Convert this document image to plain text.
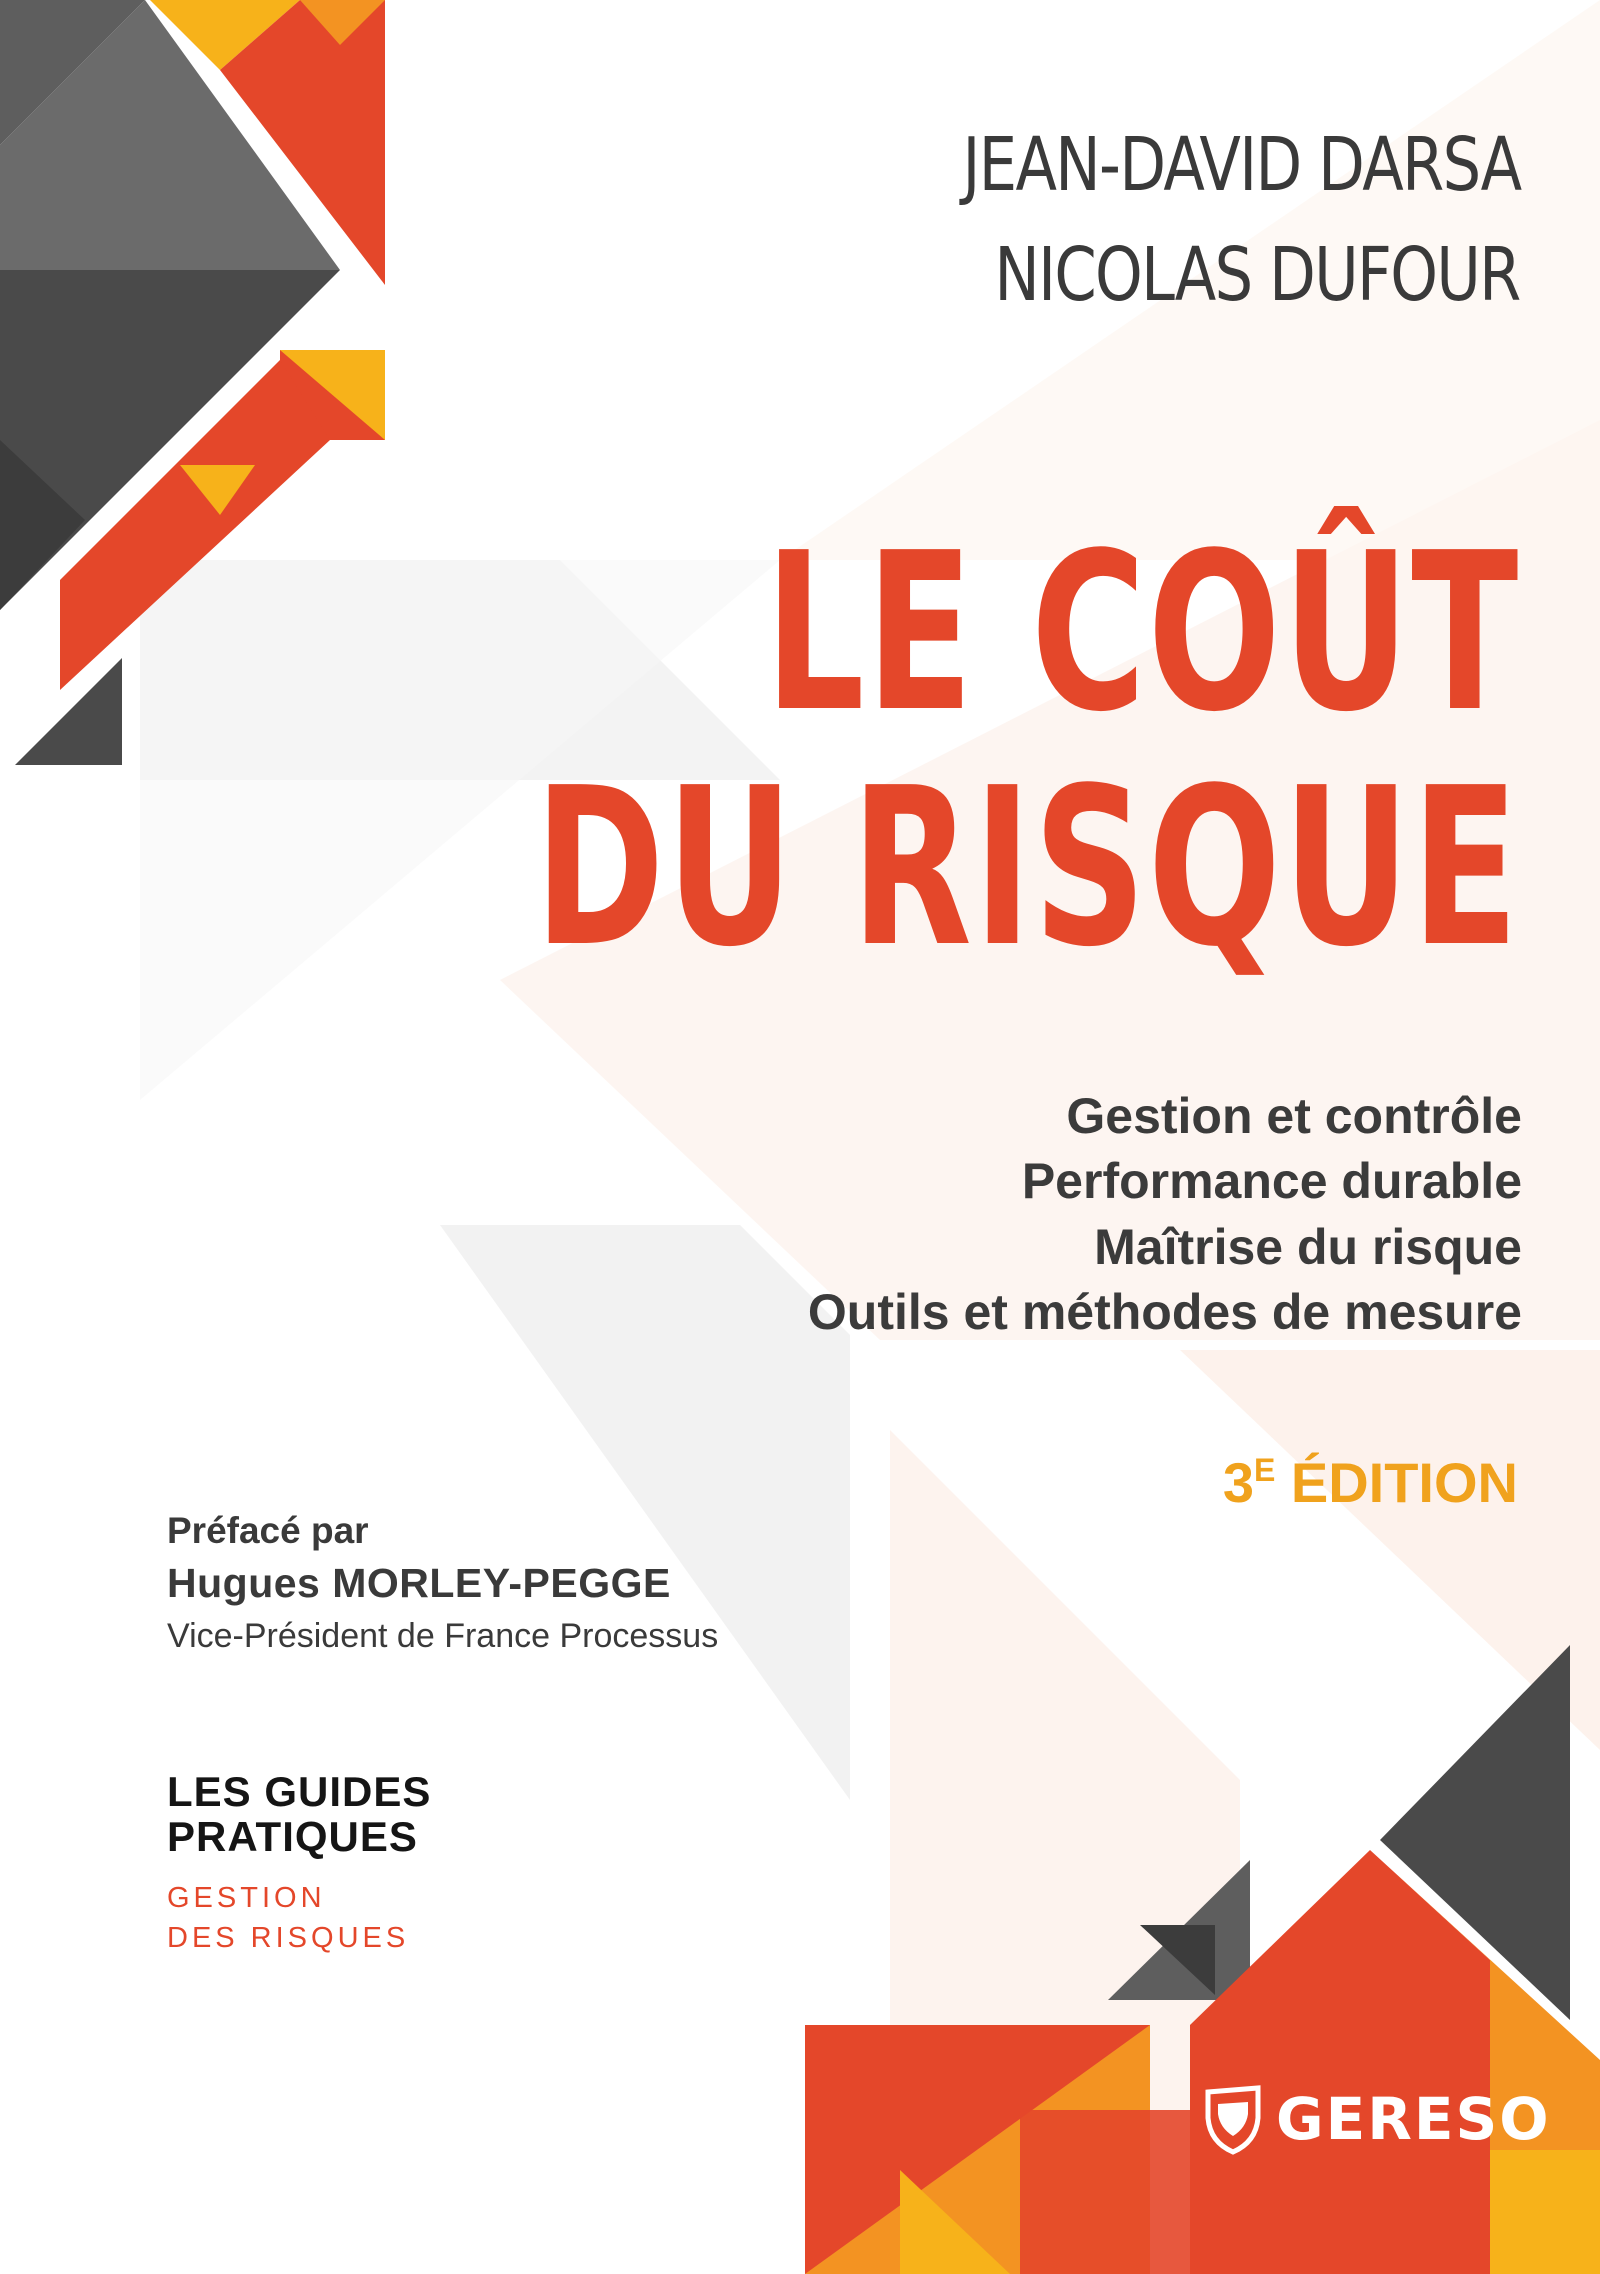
JEAN-DAVID DARSA
NICOLAS DUFOUR
LE COÛT
DU RISQUE
Gestion et contrôle
Performance durable
Maîtrise du risque
Outils et méthodes de mesure
$3^E$ ÉDITION
Préfacé par
Hugues MORLEY-PEGGE
Vice-Président de France Processus
LES GUIDES
PRATIQUES
GESTION
DES RISQUES
GERESO
